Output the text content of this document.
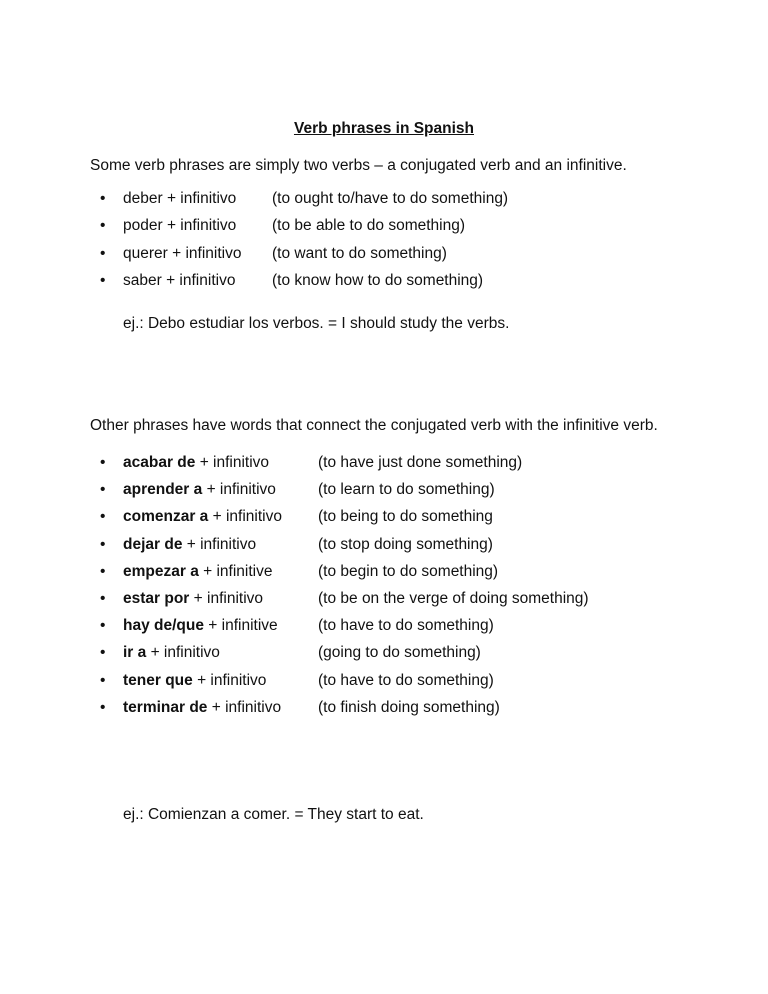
Verb phrases in Spanish
Some verb phrases are simply two verbs – a conjugated verb and an infinitive.
• deber + infinitivo (to ought to/have to do something)
• poder + infinitivo (to be able to do something)
• querer + infinitivo (to want to do something)
• saber + infinitivo (to know how to do something)
ej.: Debo estudiar los verbos. = I should study the verbs.
Other phrases have words that connect the conjugated verb with the infinitive verb.
• acabar de + infinitivo	(to have just done something)
• aprender a + infinitivo	(to learn to do something)
• comenzar a + infinitivo (to being to do something
• dejar de + infinitivo	(to stop doing something)
• empezar a + infinitive	(to begin to do something)
• estar por + infinitivo	(to be on the verge of doing something)
• hay de/que + infinitive	(to have to do something)
• ir a + infinitivo	(going to do something)
• tener que + infinitivo	(to have to do something)
• terminar de + infinitivo (to finish doing something)
ej.: Comienzan a comer. = They start to eat.
